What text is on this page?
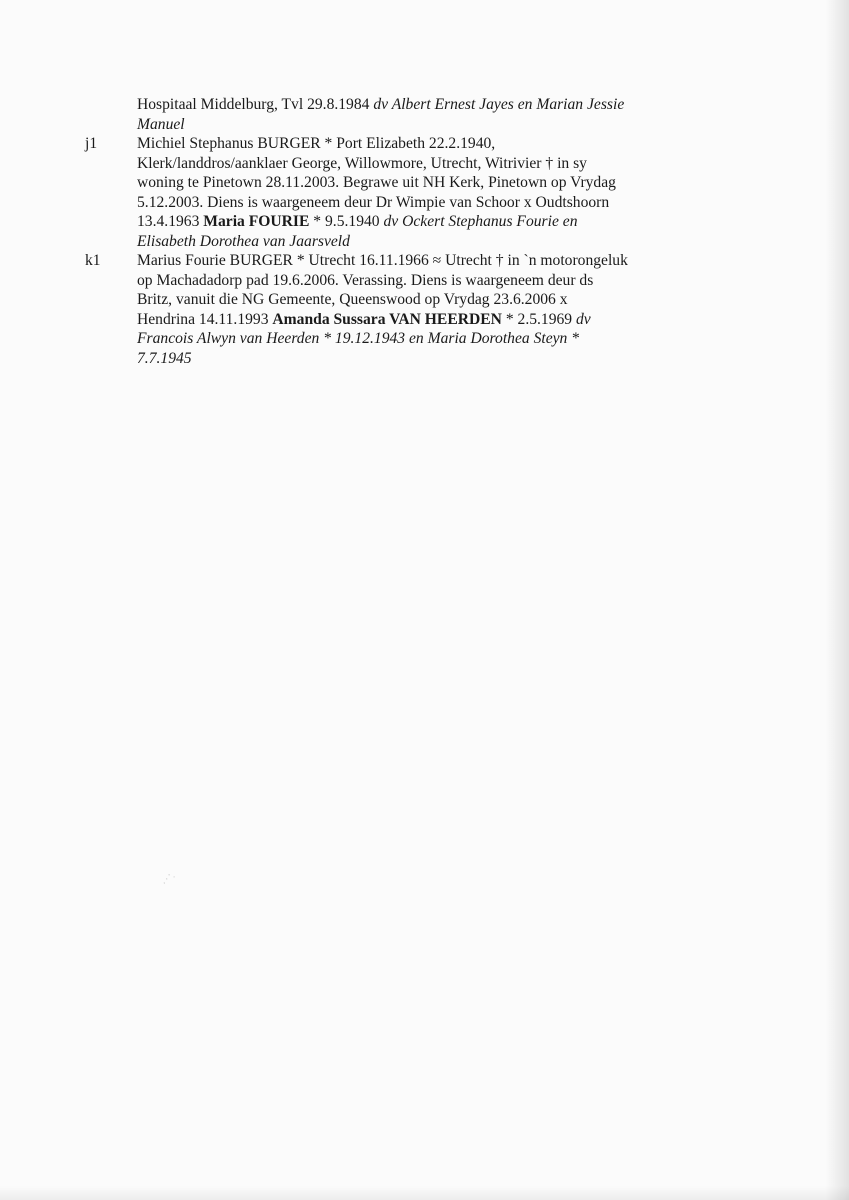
Hospitaal Middelburg, Tvl 29.8.1984 dv Albert Ernest Jayes en Marian Jessie
Manuel
j1	Michiel Stephanus BURGER * Port Elizabeth 22.2.1940,
Klerk/landdros/aanklaer George, Willowmore, Utrecht, Witrivier † in sy
woning te Pinetown 28.11.2003. Begrawe uit NH Kerk, Pinetown op Vrydag
5.12.2003. Diens is waargeneem deur Dr Wimpie van Schoor x Oudtshoorn
13.4.1963 Maria FOURIE * 9.5.1940 dv Ockert Stephanus Fourie en
Elisabeth Dorothea van Jaarsveld
k1 Marius Fourie BURGER * Utrecht 16.11.1966 ≈ Utrecht † in `n motorongeluk
op Machadadorp pad 19.6.2006. Verassing. Diens is waargeneem deur ds
Britz, vanuit die NG Gemeente, Queenswood op Vrydag 23.6.2006 x
Hendrina 14.11.1993 Amanda Sussara VAN HEERDEN * 2.5.1969 dv
Francois Alwyn van Heerden * 19.12.1943 en Maria Dorothea Steyn *
7.7.1945
⋰·
